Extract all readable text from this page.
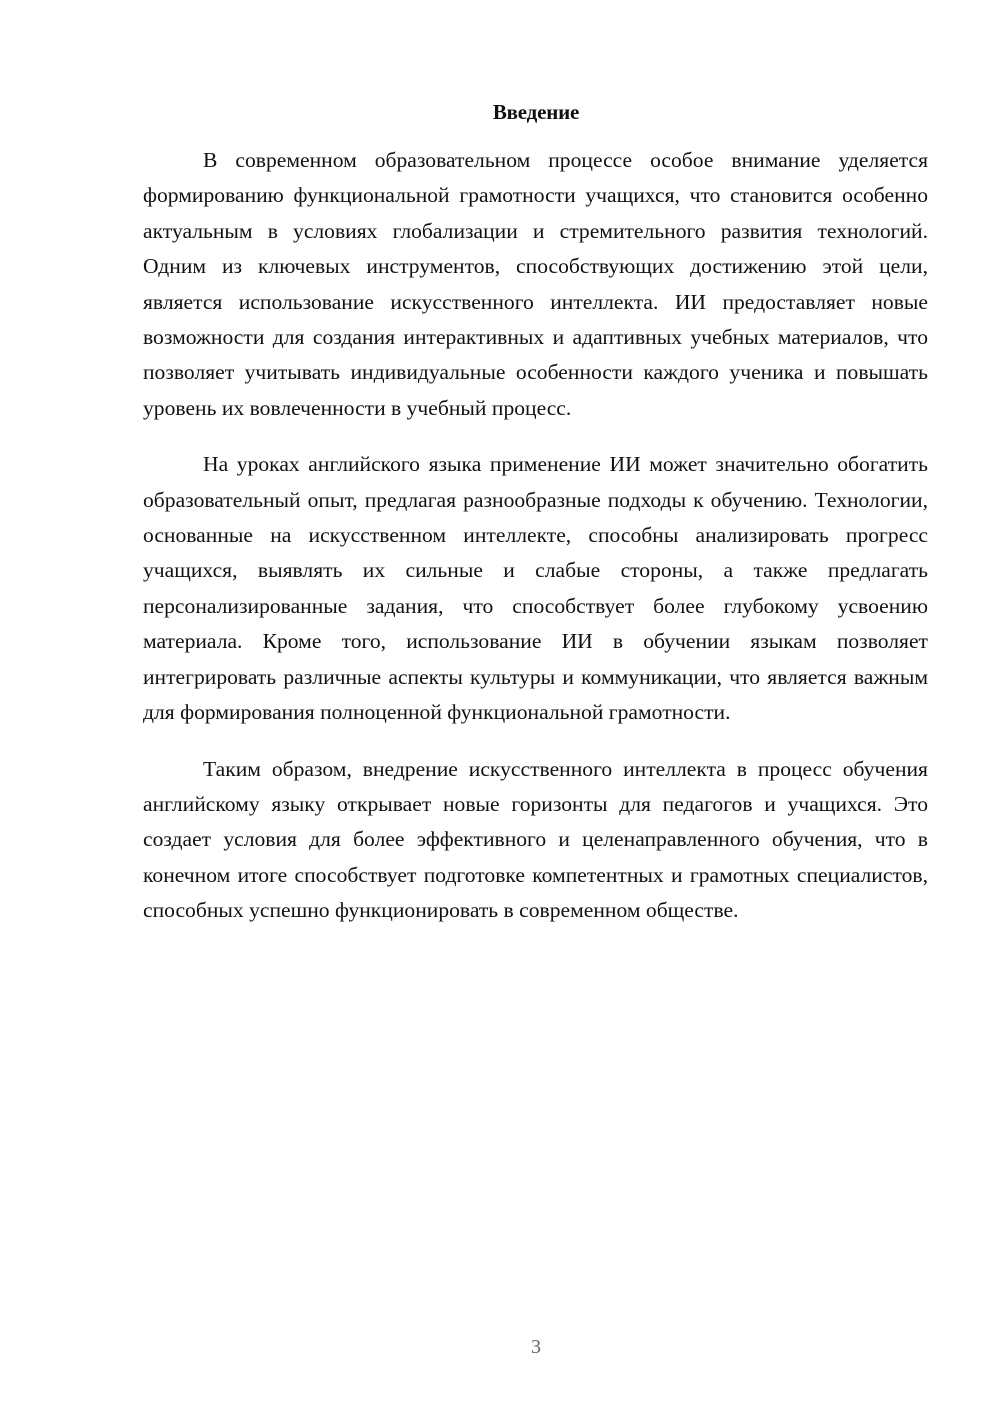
Введение

В современном образовательном процессе особое внимание уделяется формированию функциональной грамотности учащихся, что становится особенно актуальным в условиях глобализации и стремительного развития технологий. Одним из ключевых инструментов, способствующих достижению этой цели, является использование искусственного интеллекта. ИИ предоставляет новые возможности для создания интерактивных и адаптивных учебных материалов, что позволяет учитывать индивидуальные особенности каждого ученика и повышать уровень их вовлеченности в учебный процесс.

На уроках английского языка применение ИИ может значительно обогатить образовательный опыт, предлагая разнообразные подходы к обучению. Технологии, основанные на искусственном интеллекте, способны анализировать прогресс учащихся, выявлять их сильные и слабые стороны, а также предлагать персонализированные задания, что способствует более глубокому усвоению материала. Кроме того, использование ИИ в обучении языкам позволяет интегрировать различные аспекты культуры и коммуникации, что является важным для формирования полноценной функциональной грамотности.

Таким образом, внедрение искусственного интеллекта в процесс обучения английскому языку открывает новые горизонты для педагогов и учащихся. Это создает условия для более эффективного и целенаправленного обучения, что в конечном итоге способствует подготовке компетентных и грамотных специалистов, способных успешно функционировать в современном обществе.

3
